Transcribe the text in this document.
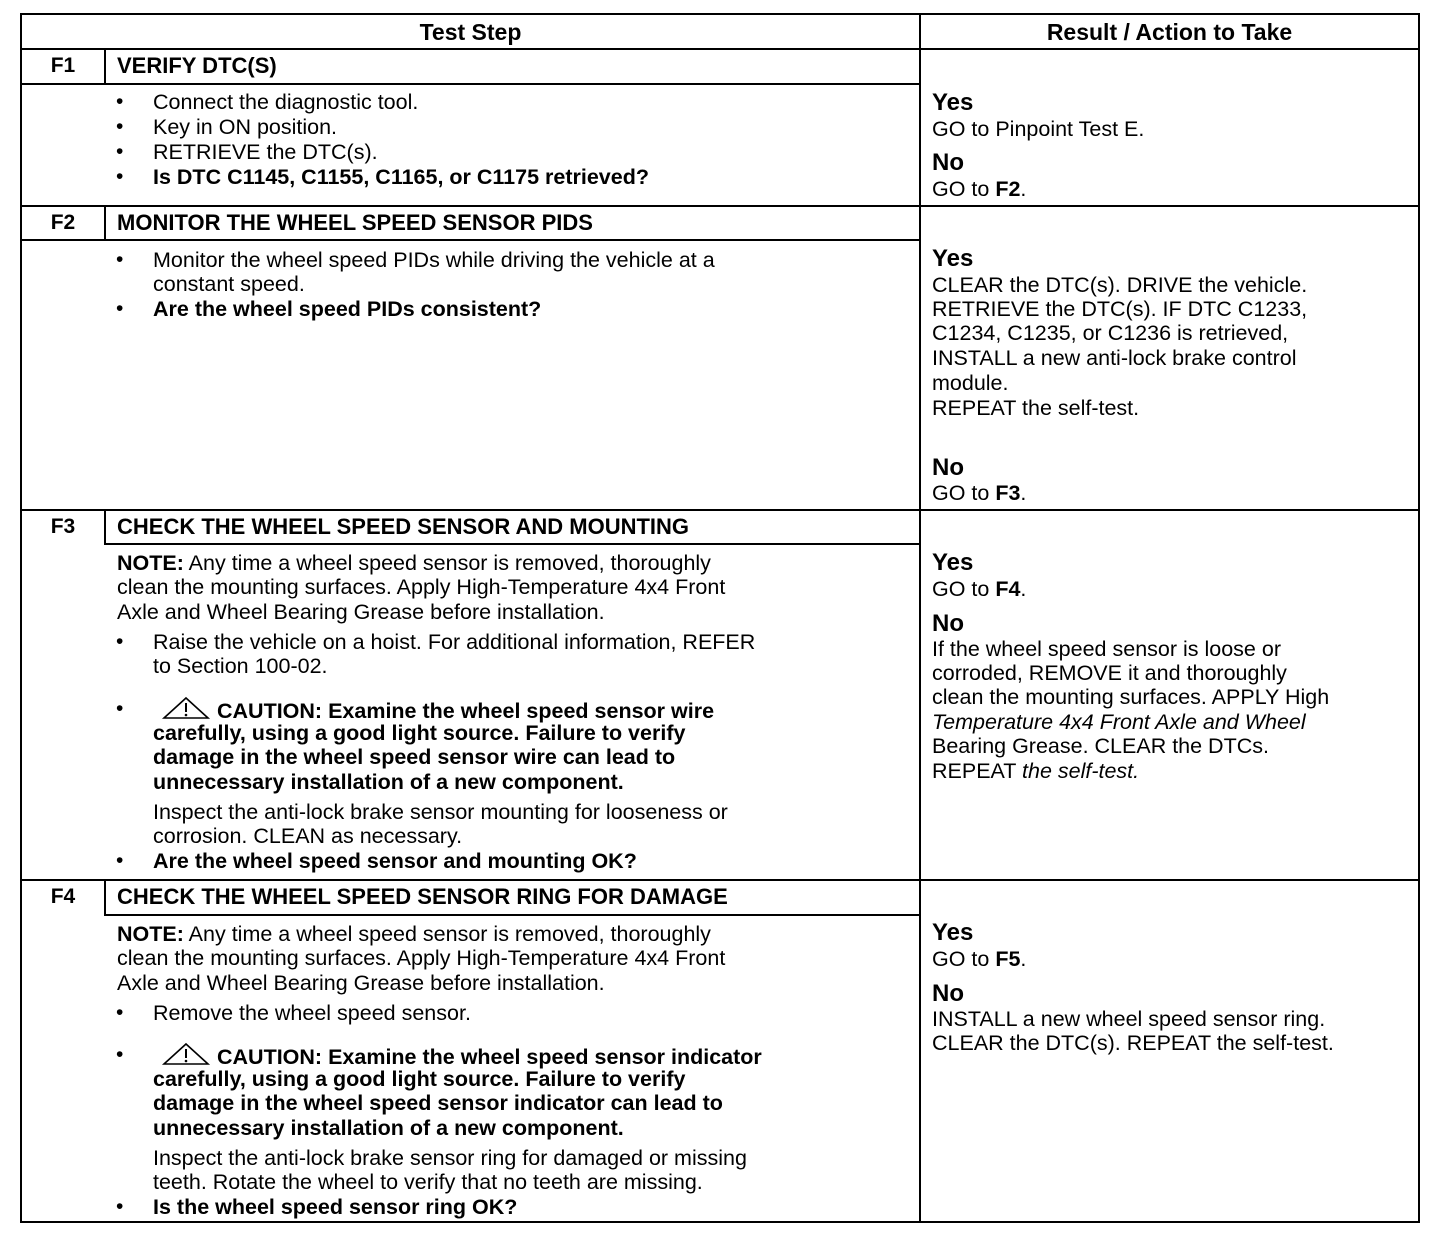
Test Step	Result / Action to Take
F1	VERIFY DTC(S)
• Connect the diagnostic tool.
• Key in ON position.
• RETRIEVE the DTC(s).
• Is DTC C1145, C1155, C1165, or C1175 retrieved?
Yes
GO to Pinpoint Test E.
No
GO to F2.
F2	MONITOR THE WHEEL SPEED SENSOR PIDS
• Monitor the wheel speed PIDs while driving the vehicle at a
constant speed.
• Are the wheel speed PIDs consistent?
Yes
CLEAR the DTC(s). DRIVE the vehicle.
RETRIEVE the DTC(s). IF DTC C1233,
C1234, C1235, or C1236 is retrieved,
INSTALL a new anti-lock brake control
module.
REPEAT the self-test.
No
GO to F3.
F3	CHECK THE WHEEL SPEED SENSOR AND MOUNTING
NOTE: Any time a wheel speed sensor is removed, thoroughly
clean the mounting surfaces. Apply High-Temperature 4x4 Front
Axle and Wheel Bearing Grease before installation.
• Raise the vehicle on a hoist. For additional information, REFER
to Section 100-02.
•	CAUTION: Examine the wheel speed sensor wire
carefully, using a good light source. Failure to verify
damage in the wheel speed sensor wire can lead to
unnecessary installation of a new component.
Inspect the anti-lock brake sensor mounting for looseness or
corrosion. CLEAN as necessary.
• Are the wheel speed sensor and mounting OK?
Yes
GO to F4.
No
If the wheel speed sensor is loose or
corroded, REMOVE it and thoroughly
clean the mounting surfaces. APPLY High
Temperature 4x4 Front Axle and Wheel
Bearing Grease. CLEAR the DTCs.
REPEAT the self-test.
F4	CHECK THE WHEEL SPEED SENSOR RING FOR DAMAGE
NOTE: Any time a wheel speed sensor is removed, thoroughly
clean the mounting surfaces. Apply High-Temperature 4x4 Front
Axle and Wheel Bearing Grease before installation.
• Remove the wheel speed sensor.
•	CAUTION: Examine the wheel speed sensor indicator
carefully, using a good light source. Failure to verify
damage in the wheel speed sensor indicator can lead to
unnecessary installation of a new component.
Inspect the anti-lock brake sensor ring for damaged or missing
teeth. Rotate the wheel to verify that no teeth are missing.
• Is the wheel speed sensor ring OK?
Yes
GO to F5.
No
INSTALL a new wheel speed sensor ring.
CLEAR the DTC(s). REPEAT the self-test.
